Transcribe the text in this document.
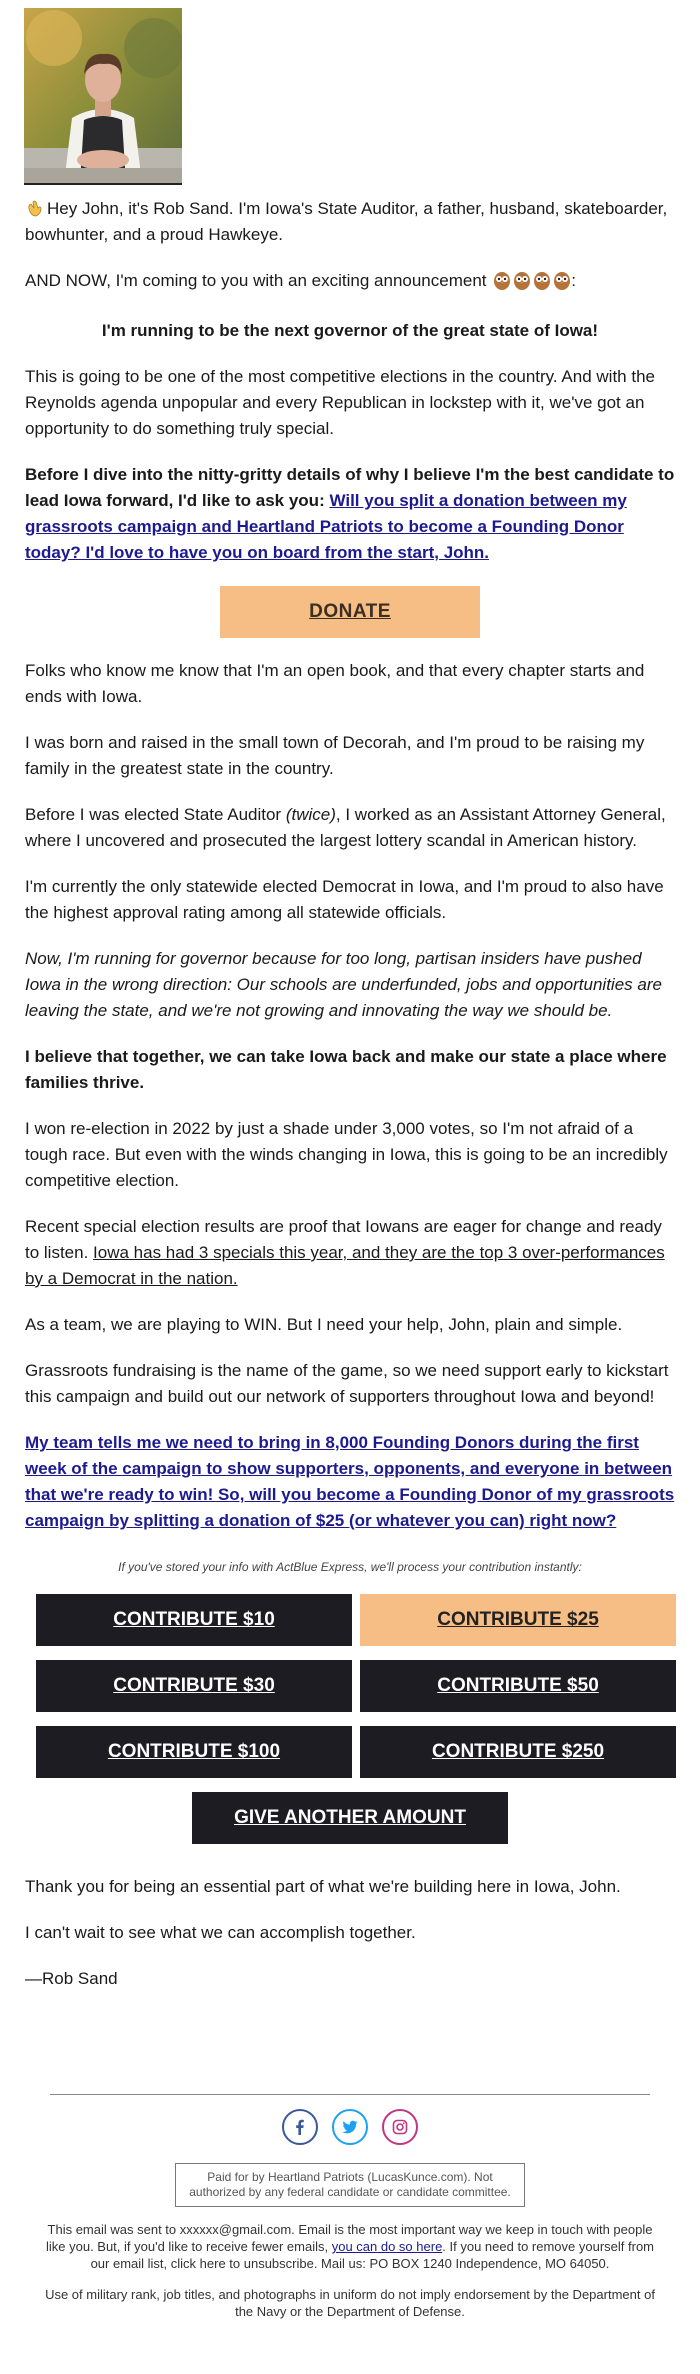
Hey John, it's Rob Sand. I'm Iowa's State Auditor, a father, husband, skateboarder, bowhunter, and a proud Hawkeye.

AND NOW, I'm coming to you with an exciting announcement	:

I'm running to be the next governor of the great state of Iowa!

This is going to be one of the most competitive elections in the country. And with the Reynolds agenda unpopular and every Republican in lockstep with it, we've got an opportunity to do something truly special.

Before I dive into the nitty-gritty details of why I believe I'm the best candidate to lead Iowa forward, I'd like to ask you: Will you split a donation between my grassroots campaign and Heartland Patriots to become a Founding Donor today? I'd love to have you on board from the start, John.

DONATE

Folks who know me know that I'm an open book, and that every chapter starts and ends with Iowa.

I was born and raised in the small town of Decorah, and I'm proud to be raising my family in the greatest state in the country.

Before I was elected State Auditor (twice), I worked as an Assistant Attorney General, where I uncovered and prosecuted the largest lottery scandal in American history.

I'm currently the only statewide elected Democrat in Iowa, and I'm proud to also have the highest approval rating among all statewide officials.

Now, I'm running for governor because for too long, partisan insiders have pushed Iowa in the wrong direction: Our schools are underfunded, jobs and opportunities are leaving the state, and we're not growing and innovating the way we should be.

I believe that together, we can take Iowa back and make our state a place where families thrive.

I won re-election in 2022 by just a shade under 3,000 votes, so I'm not afraid of a tough race. But even with the winds changing in Iowa, this is going to be an incredibly competitive election.

Recent special election results are proof that Iowans are eager for change and ready to listen. Iowa has had 3 specials this year, and they are the top 3 over-performances by a Democrat in the nation.

As a team, we are playing to WIN. But I need your help, John, plain and simple.

Grassroots fundraising is the name of the game, so we need support early to kickstart this campaign and build out our network of supporters throughout Iowa and beyond!

My team tells me we need to bring in 8,000 Founding Donors during the first week of the campaign to show supporters, opponents, and everyone in between that we're ready to win! So, will you become a Founding Donor of my grassroots campaign by splitting a donation of $25 (or whatever you can) right now?

If you've stored your info with ActBlue Express, we'll process your contribution instantly:

CONTRIBUTE $10	CONTRIBUTE $25
CONTRIBUTE $30	CONTRIBUTE $50
CONTRIBUTE $100	CONTRIBUTE $250
GIVE ANOTHER AMOUNT

Thank you for being an essential part of what we're building here in Iowa, John.

I can't wait to see what we can accomplish together.

—Rob Sand

Paid for by Heartland Patriots (LucasKunce.com). Not authorized by any federal candidate or candidate committee.

This email was sent to xxxxxx@gmail.com. Email is the most important way we keep in touch with people like you. But, if you'd like to receive fewer emails, you can do so here. If you need to remove yourself from our email list, click here to unsubscribe. Mail us: PO BOX 1240 Independence, MO 64050.

Use of military rank, job titles, and photographs in uniform do not imply endorsement by the Department of the Navy or the Department of Defense.
